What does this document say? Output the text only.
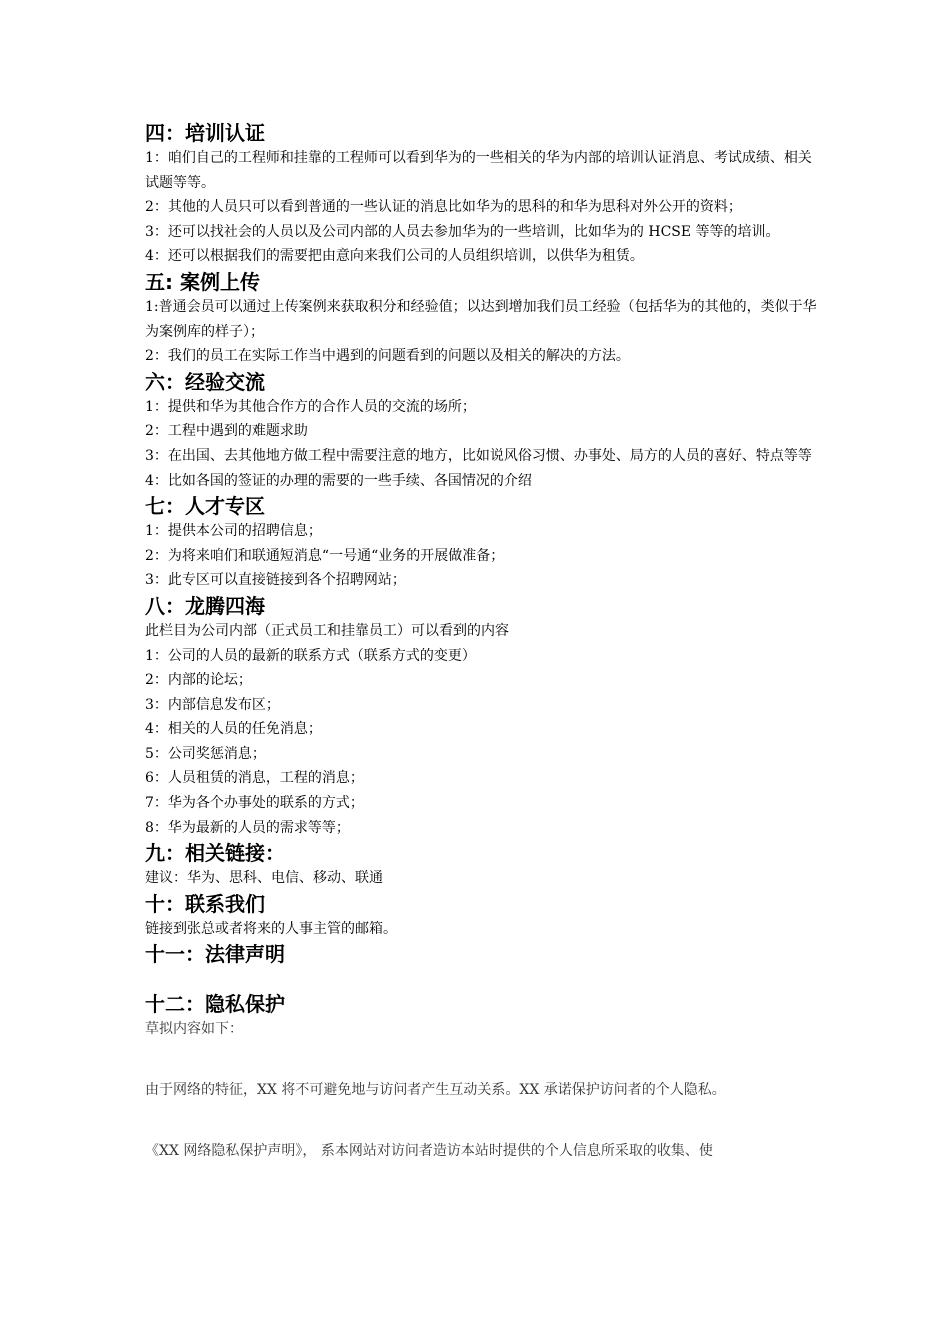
四：培训认证

1：咱们自己的工程师和挂靠的工程师可以看到华为的一些相关的华为内部的培训认证消息、考试成绩、相关试题等等。

2：其他的人员只可以看到普通的一些认证的消息比如华为的思科的和华为思科对外公开的资料；

3：还可以找社会的人员以及公司内部的人员去参加华为的一些培训，比如华为的 HCSE 等等的培训。

4：还可以根据我们的需要把由意向来我们公司的人员组织培训，以供华为租赁。

五: 案例上传

1:普通会员可以通过上传案例来获取积分和经验值；以达到增加我们员工经验（包括华为的其他的，类似于华为案例库的样子）；

2：我们的员工在实际工作当中遇到的问题看到的问题以及相关的解决的方法。

六：经验交流

1：提供和华为其他合作方的合作人员的交流的场所；

2：工程中遇到的难题求助

3：在出国、去其他地方做工程中需要注意的地方，比如说风俗习惯、办事处、局方的人员的喜好、特点等等

4：比如各国的签证的办理的需要的一些手续、各国情况的介绍

七：人才专区

1：提供本公司的招聘信息；

2：为将来咱们和联通短消息“一号通“业务的开展做准备；

3：此专区可以直接链接到各个招聘网站；

八：龙腾四海

此栏目为公司内部（正式员工和挂靠员工）可以看到的内容

1：公司的人员的最新的联系方式（联系方式的变更）

2：内部的论坛；

3：内部信息发布区；

4：相关的人员的任免消息；

5：公司奖惩消息；

6：人员租赁的消息，工程的消息；

7：华为各个办事处的联系的方式；

8：华为最新的人员的需求等等；

九：相关链接：

建议：华为、思科、电信、移动、联通

十：联系我们

链接到张总或者将来的人事主管的邮箱。

十一：法律声明
十二：隐私保护

草拟内容如下：

由于网络的特征，XX 将不可避免地与访问者产生互动关系。XX 承诺保护访问者的个人隐私。

《XX 网络隐私保护声明》， 系本网站对访问者造访本站时提供的个人信息所采取的收集、使
